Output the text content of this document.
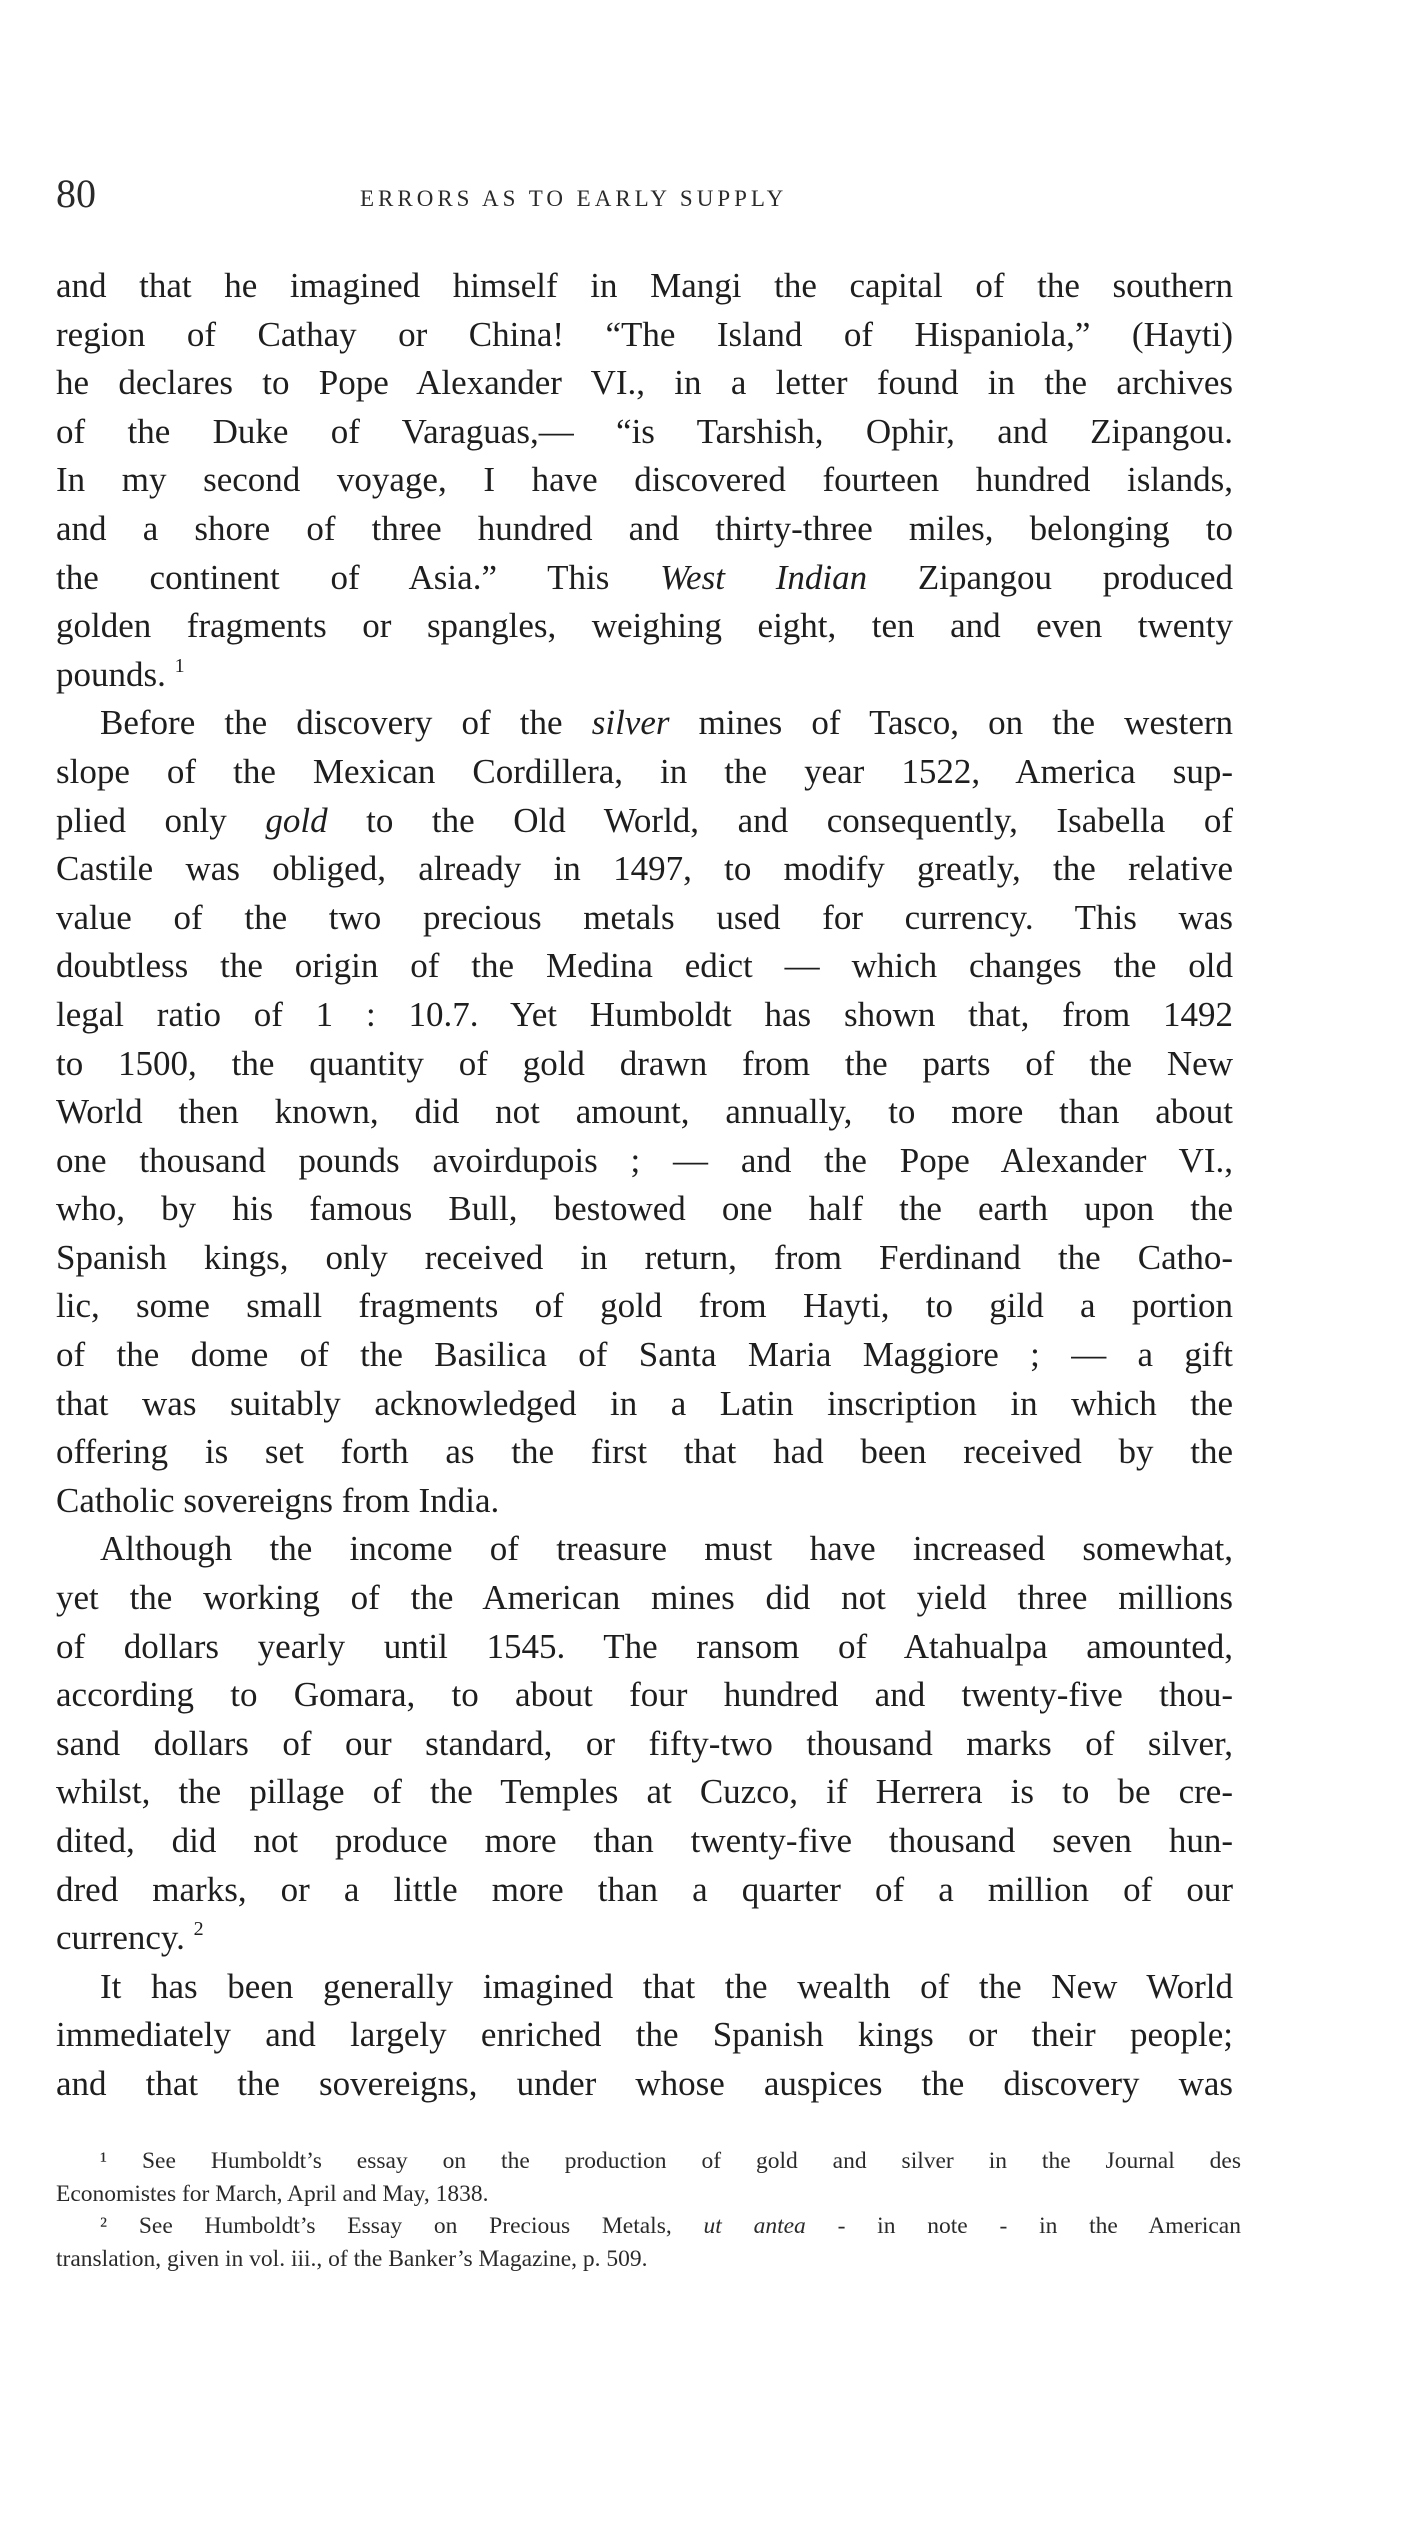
80	ERRORS AS TO EARLY SUPPLY
and that he imagined himself in Mangi the capital of the southern
region of Cathay or China! “The Island of Hispaniola,” (Hayti)
he declares to Pope Alexander VI., in a letter found in the archives
of the Duke of Varaguas,— “is Tarshish, Ophir, and Zipangou.
In my second voyage, I have discovered fourteen hundred islands,
and a shore of three hundred and thirty-three miles, belonging to
the continent of Asia.” This West Indian Zipangou produced
golden fragments or spangles, weighing eight, ten and even twenty
pounds. $^1$
Before the discovery of the silver mines of Tasco, on the western
slope of the Mexican Cordillera, in the year 1522, America sup-
plied only gold to the Old World, and consequently, Isabella of
Castile was obliged, already in 1497, to modify greatly, the relative
value of the two precious metals used for currency. This was
doubtless the origin of the Medina edict — which changes the old
legal ratio of 1 : 10.7. Yet Humboldt has shown that, from 1492
to 1500, the quantity of gold drawn from the parts of the New
World then known, did not amount, annually, to more than about
one thousand pounds avoirdupois ; — and the Pope Alexander VI.,
who, by his famous Bull, bestowed one half the earth upon the
Spanish kings, only received in return, from Ferdinand the Catho-
lic, some small fragments of gold from Hayti, to gild a portion
of the dome of the Basilica of Santa Maria Maggiore ; — a gift
that was suitably acknowledged in a Latin inscription in which the
offering is set forth as the first that had been received by the
Catholic sovereigns from India.
Although the income of treasure must have increased somewhat,
yet the working of the American mines did not yield three millions
of dollars yearly until 1545. The ransom of Atahualpa amounted,
according to Gomara, to about four hundred and twenty-five thou-
sand dollars of our standard, or fifty-two thousand marks of silver,
whilst, the pillage of the Temples at Cuzco, if Herrera is to be cre-
dited, did not produce more than twenty-five thousand seven hun-
dred marks, or a little more than a quarter of a million of our
currency. $^2$
It has been generally imagined that the wealth of the New World
immediately and largely enriched the Spanish kings or their people;
and that the sovereigns, under whose auspices the discovery was
¹ See Humboldt’s essay on the production of gold and silver in the Journal des
Economistes for March, April and May, 1838.
² See Humboldt’s Essay on Precious Metals, ut antea - in note - in the American
translation, given in vol. iii., of the Banker’s Magazine, p. 509.
